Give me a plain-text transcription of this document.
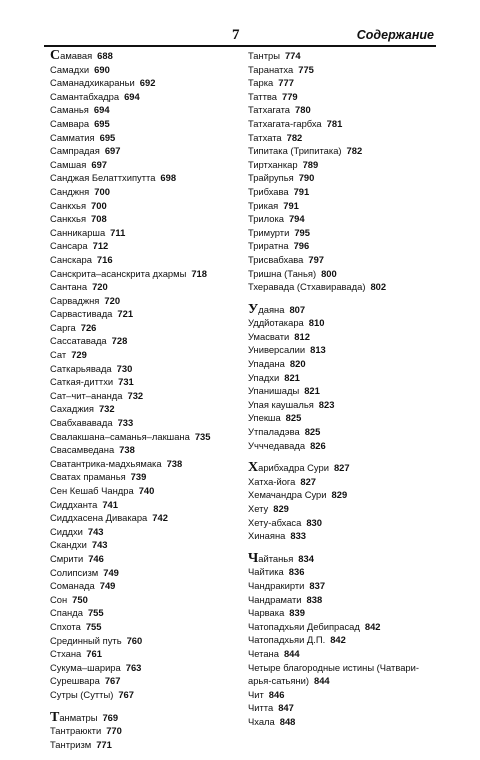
7	Содержание
Самавая 688
Самадхи 690
Саманадхикараньи 692
Самантабхадра 694
Саманья 694
Самвара 695
Самматия 695
Сампрадая 697
Самшая 697
Санджая Белаттхипутта 698
Санджня 700
Санкхья 700
Санкхья 708
Санникарша 711
Сансара 712
Санскара 716
Санскрита–асанскрита дхармы 718
Сантана 720
Сарваджня 720
Сарвастивада 721
Сарга 726
Сассатавада 728
Сат 729
Саткарьявада 730
Саткая-диттхи 731
Сат–чит–ананда 732
Сахаджия 732
Свабхававада 733
Свалакшана–саманья–лакшана 735
Свасамведана 738
Сватантрика-мадхьямака 738
Сватах праманья 739
Сен Кешаб Чандра 740
Сиддханта 741
Сиддхасена Дивакара 742
Сиддхи 743
Скандхи 743
Смрити 746
Солипсизм 749
Соманада 749
Сон 750
Спанда 755
Спхота 755
Срединный путь 760
Стхана 761
Сукума–шарира 763
Сурешвара 767
Сутры (Сутты) 767
Танматры 769
Тантраюкти 770
Тантризм 771
Тантры 774
Таранатха 775
Тарка 777
Таттва 779
Татхагата 780
Татхагата-гарбха 781
Татхата 782
Типитака (Трипитака) 782
Тиртханкар 789
Трайрупья 790
Трибхава 791
Трикая 791
Трилока 794
Тримурти 795
Триратна 796
Трисвабхава 797
Тришна (Танья) 800
Тхеравада (Стхавиравада) 802
Удаяна 807
Уддйотакара 810
Умасвати 812
Универсалии 813
Упадана 820
Упадхи 821
Упанишады 821
Упая каушалья 823
Упекша 825
Утпаладэва 825
Учччедавада 826
Харибхадра Сури 827
Хатха-йога 827
Хемачандра Сури 829
Хету 829
Хету-абхаса 830
Хинаяна 833
Чайтанья 834
Чайтика 836
Чандракирти 837
Чандрамати 838
Чарвака 839
Чатопадхьяи Дебипрасад 842
Чатопадхьяи Д.П. 842
Четана 844
Четыре благородные истины (Чатвари-
арья-сатьяни) 844
Чит 846
Читта 847
Чхала 848
